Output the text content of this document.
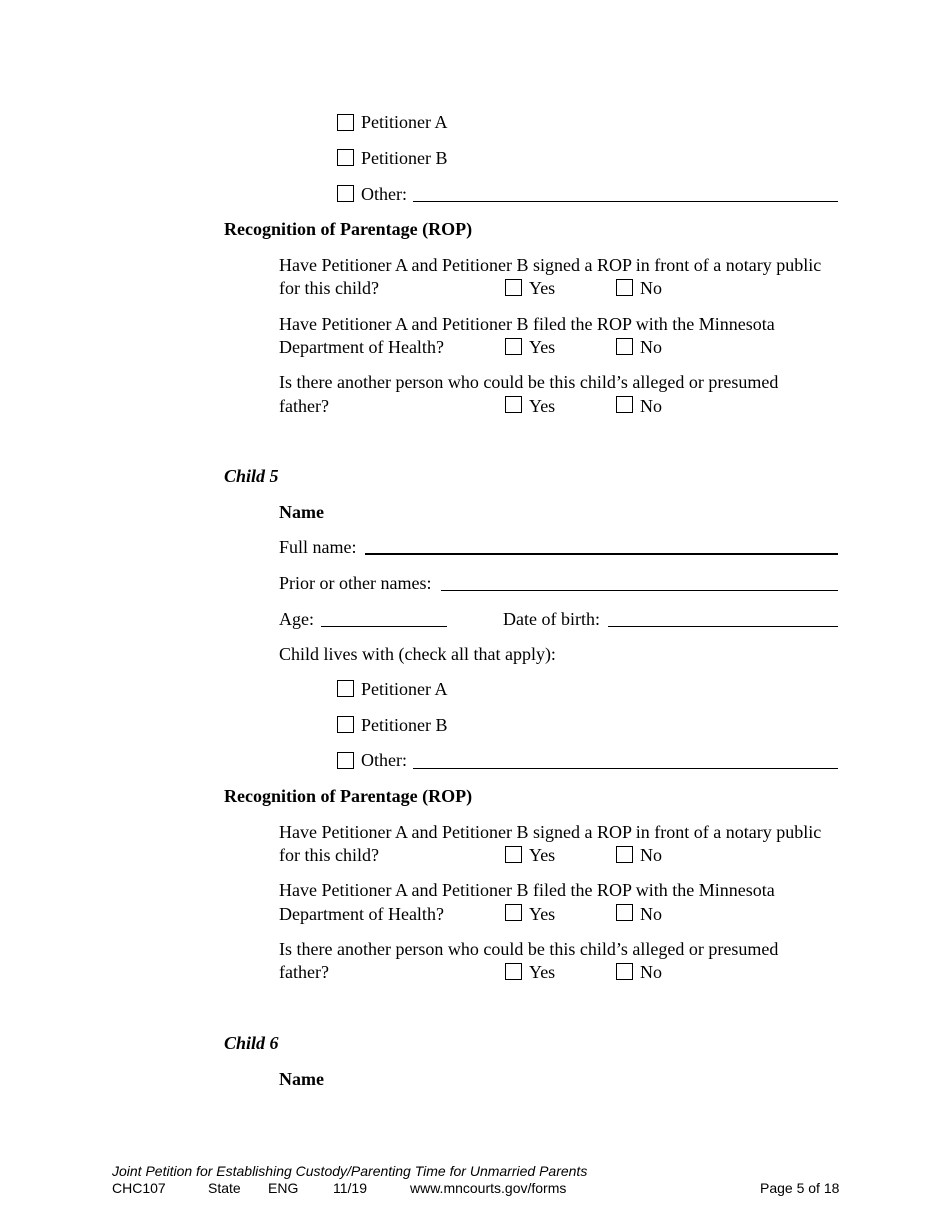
Petitioner A
Petitioner B
Other:
Recognition of Parentage (ROP)
Have Petitioner A and Petitioner B signed a ROP in front of a notary public
for this child?	Yes	No
Have Petitioner A and Petitioner B filed the ROP with the Minnesota
Department of Health?	Yes	No
Is there another person who could be this child’s alleged or presumed
father?	Yes	No
Child 5
Name
Full name:
Prior or other names:
Age:	Date of birth:
Child lives with (check all that apply):
Petitioner A
Petitioner B
Other:
Recognition of Parentage (ROP)
Have Petitioner A and Petitioner B signed a ROP in front of a notary public
for this child?	Yes	No
Have Petitioner A and Petitioner B filed the ROP with the Minnesota
Department of Health?	Yes	No
Is there another person who could be this child’s alleged or presumed
father?	Yes	No
Child 6
Name
Joint Petition for Establishing Custody/Parenting Time for Unmarried Parents
CHC107	State ENG 11/19	www.mncourts.gov/forms	Page 5 of 18
